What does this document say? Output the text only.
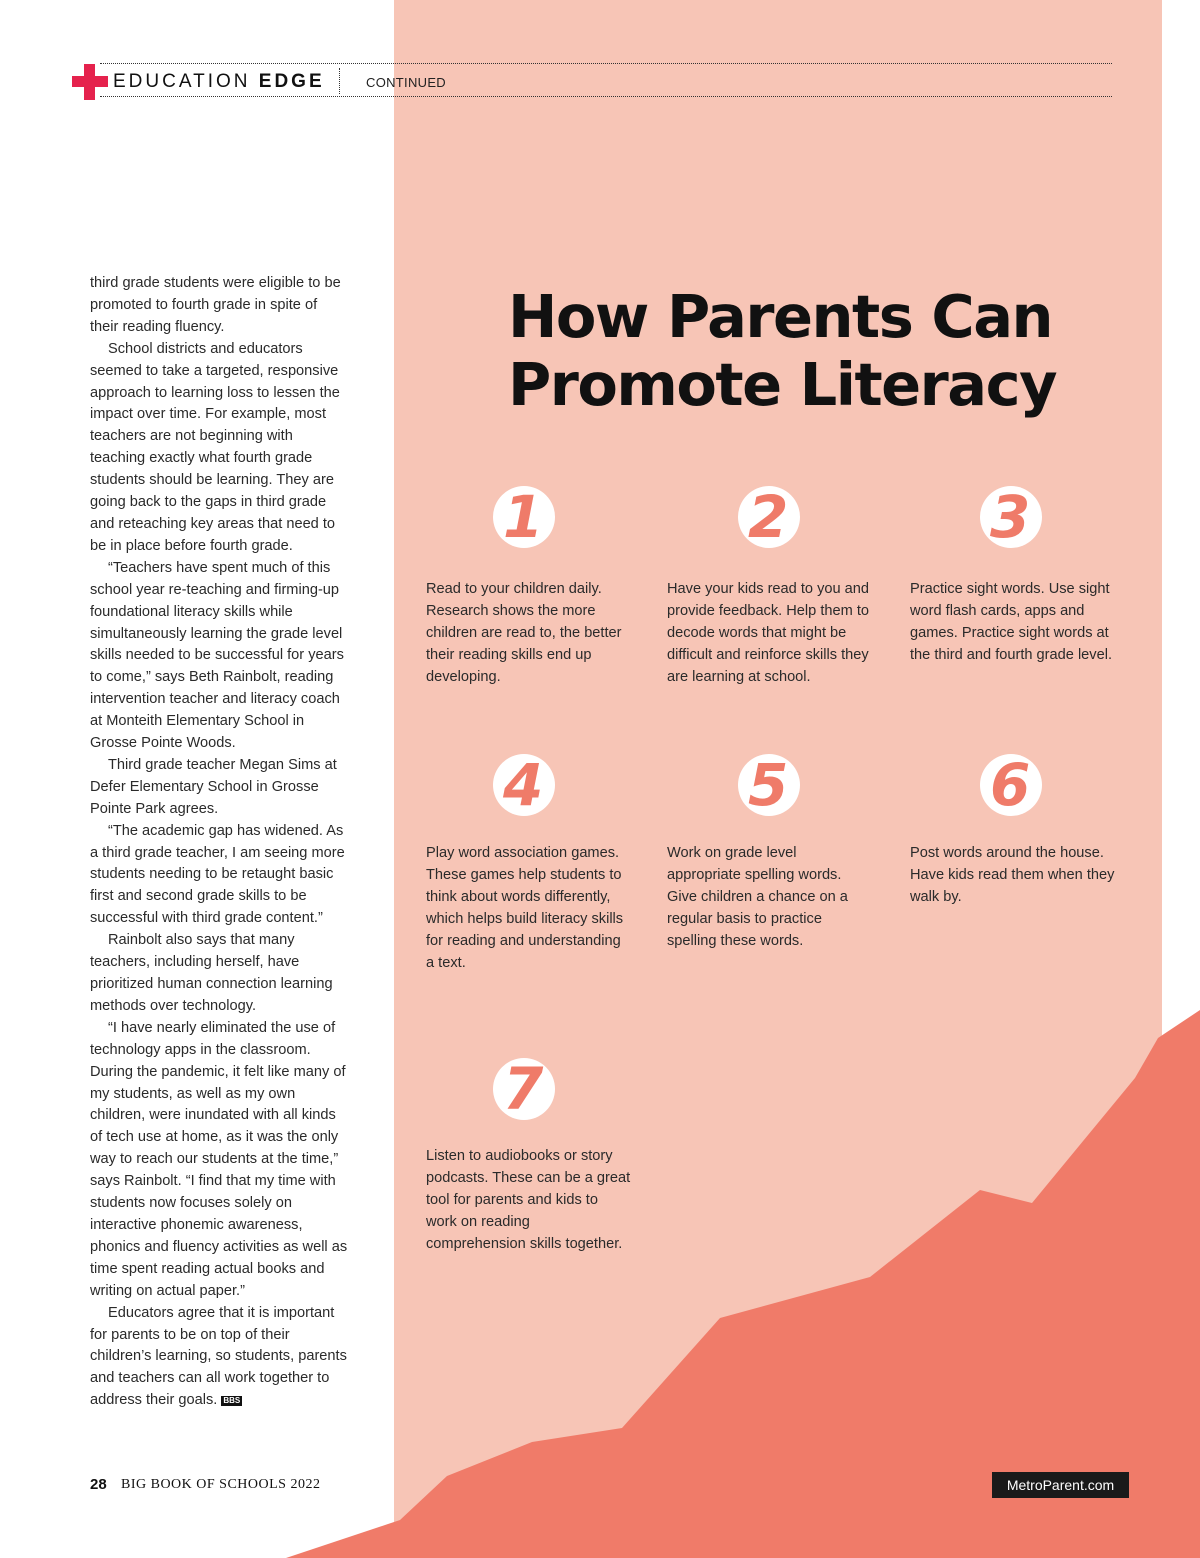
EDUCATION EDGE	CONTINUED

third grade students were eligible to be promoted to fourth grade in spite of their reading fluency.

School districts and educators seemed to take a targeted, responsive approach to learning loss to lessen the impact over time. For example, most teachers are not beginning with teaching exactly what fourth grade students should be learning. They are going back to the gaps in third grade and reteaching key areas that need to be in place before fourth grade.

“Teachers have spent much of this school year re-teaching and firming-up foundational literacy skills while simultaneously learning the grade level skills needed to be successful for years to come,” says Beth Rainbolt, reading intervention teacher and literacy coach at Monteith Elementary School in Grosse Pointe Woods.

Third grade teacher Megan Sims at Defer Elementary School in Grosse Pointe Park agrees.

“The academic gap has widened. As a third grade teacher, I am seeing more students needing to be retaught basic first and second grade skills to be successful with third grade content.”

Rainbolt also says that many teachers, including herself, have prioritized human connection learning methods over technology.

“I have nearly eliminated the use of technology apps in the classroom. During the pandemic, it felt like many of my students, as well as my own children, were inundated with all kinds of tech use at home, as it was the only way to reach our students at the time,” says Rainbolt. “I find that my time with students now focuses solely on interactive phonemic awareness, phonics and fluency activities as well as time spent reading actual books and writing on actual paper.”

Educators agree that it is important for parents to be on top of their children’s learning, so students, parents and teachers can all work together to address their goals. BBS

How Parents Can
Promote Literacy
1
Read to your children daily. Research shows the more children are read to, the better their reading skills end up developing.
2
Have your kids read to you and provide feedback. Help them to decode words that might be difficult and reinforce skills they are learning at school.
3
Practice sight words. Use sight word flash cards, apps and games. Practice sight words at the third and fourth grade level.
4
Play word association games. These games help students to think about words differently, which helps build literacy skills for reading and understanding a text.
5
Work on grade level appropriate spelling words. Give children a chance on a regular basis to practice spelling these words.
6
Post words around the house. Have kids read them when they walk by.
7
Listen to audiobooks or story podcasts. These can be a great tool for parents and kids to work on reading comprehension skills together.
28 BIG BOOK OF SCHOOLS 2022	MetroParent.com
